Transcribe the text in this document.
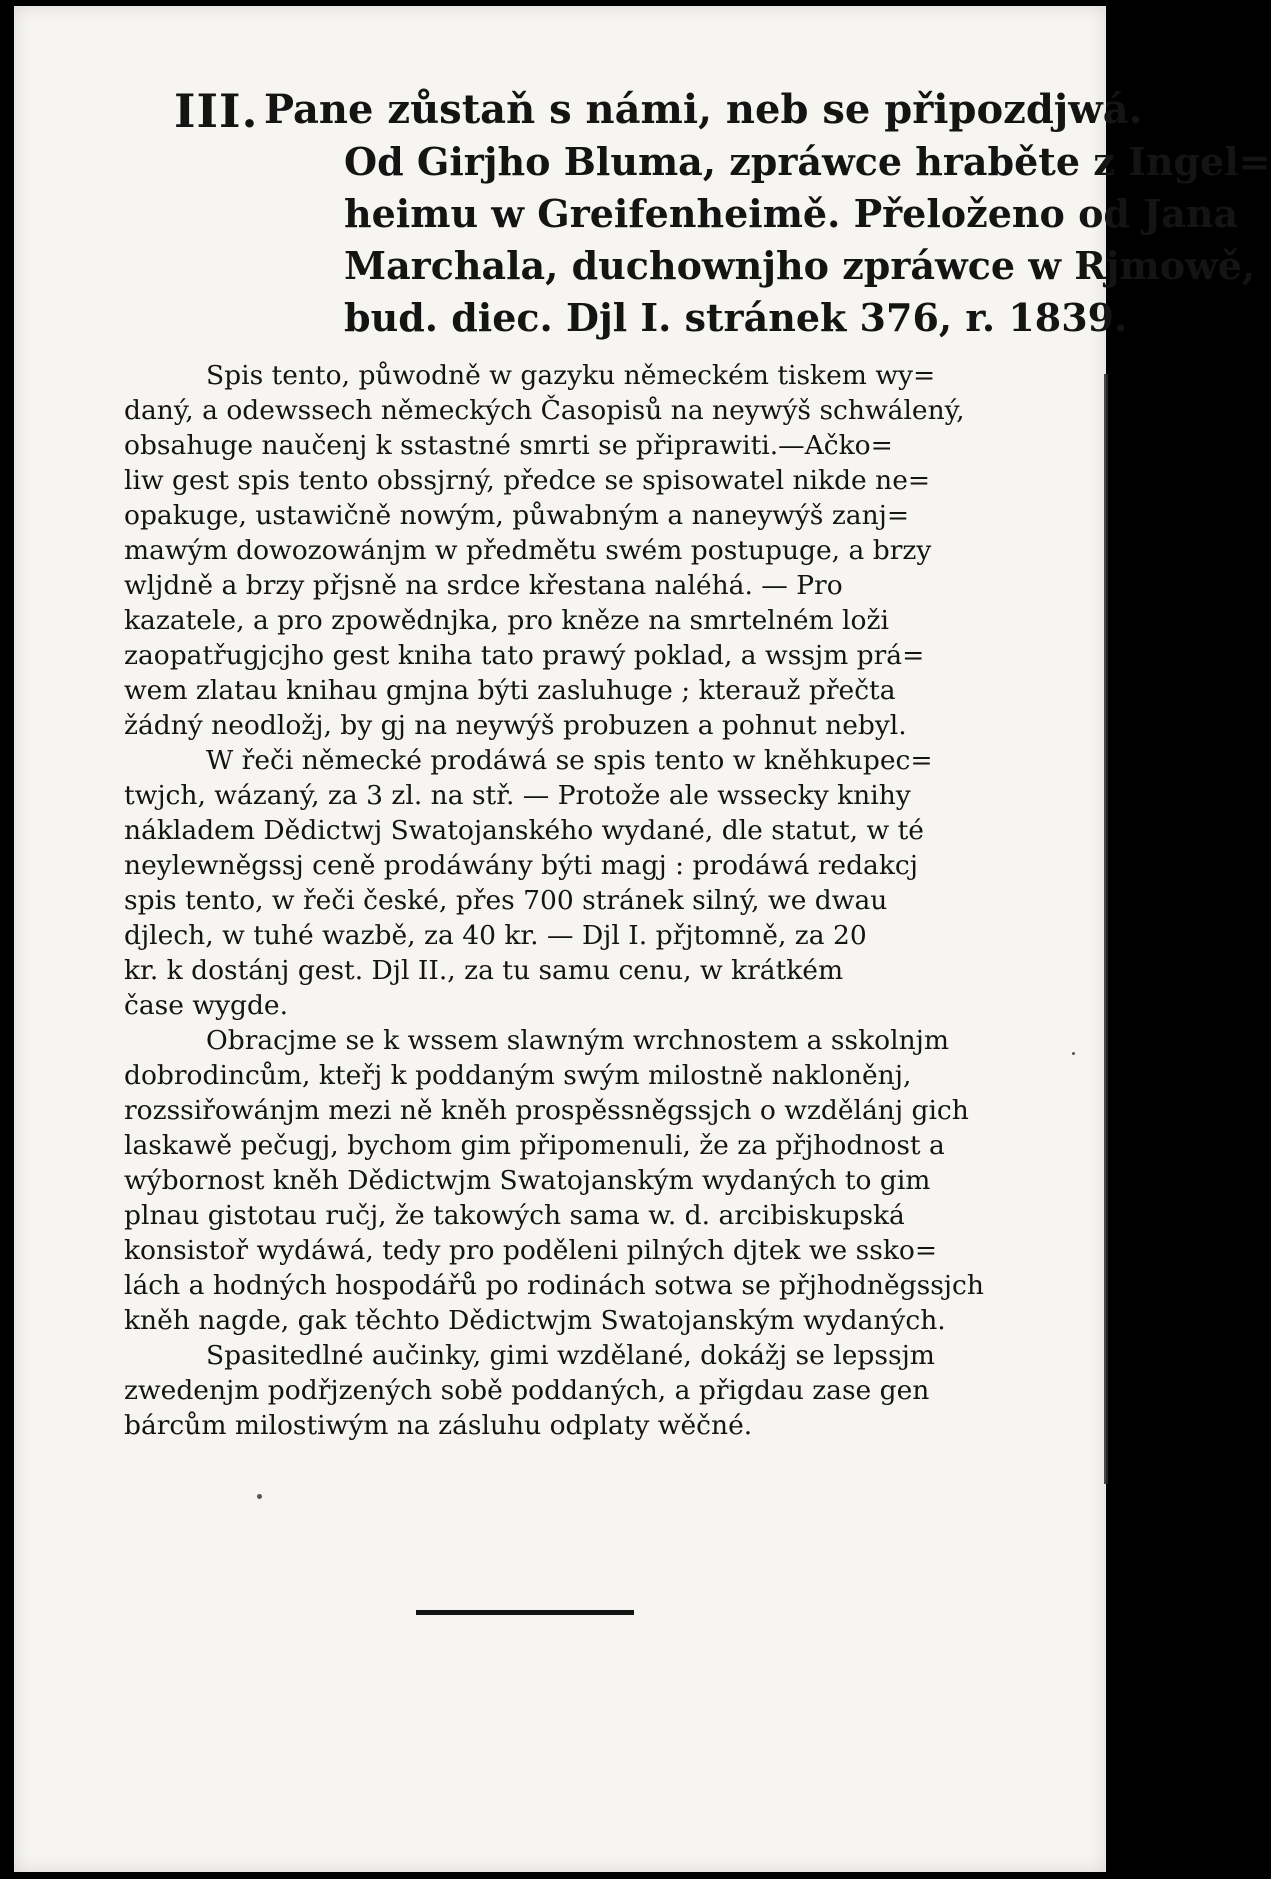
III. Pane zůstaň s námi, neb se připozdjwá.
Od Girjho Bluma, zpráwce hraběte z Ingel=
heimu w Greifenheimě. Přeloženo od Jana
Marchala, duchownjho zpráwce w Rjmowě,
bud. diec. Djl I. stránek 376, r. 1839.
Spis tento, půwodně w gazyku německém tiskem wy=
daný, a odewssech německých Časopisů na neywýš schwálený,
obsahuge naučenj k sstastné smrti se připrawiti.—Ačko=
liw gest spis tento obssjrný, předce se spisowatel nikde ne=
opakuge, ustawičně nowým, půwabným a naneywýš zanj=
mawým dowozowánjm w předmětu swém postupuge, a brzy
wljdně a brzy přjsně na srdce křestana naléhá. — Pro
kazatele, a pro zpowědnjka, pro kněze na smrtelném loži
zaopatřugjcjho gest kniha tato prawý poklad, a wssjm prá=
wem zlatau knihau gmjna býti zasluhuge ; kterauž přečta
žádný neodložj, by gj na neywýš probuzen a pohnut nebyl.
W řeči německé prodáwá se spis tento w kněhkupec=
twjch, wázaný, za 3 zl. na stř. — Protože ale wssecky knihy
nákladem Dědictwj Swatojanského wydané, dle statut, w té
neylewněgssj ceně prodáwány býti magj : prodáwá redakcj
spis tento, w řeči české, přes 700 stránek silný, we dwau
djlech, w tuhé wazbě, za 40 kr. — Djl I. přjtomně, za 20
kr. k dostánj gest. Djl II., za tu samu cenu, w krátkém
čase wygde.
Obracjme se k wssem slawným wrchnostem a sskolnjm
dobrodincům, kteřj k poddaným swým milostně nakloněnj,
rozssiřowánjm mezi ně kněh prospěssněgssjch o wzdělánj gich
laskawě pečugj, bychom gim připomenuli, že za přjhodnost a
wýbornost kněh Dědictwjm Swatojanským wydaných to gim
plnau gistotau ručj, že takowých sama w. d. arcibiskupská
konsistoř wydáwá, tedy pro poděleni pilných djtek we ssko=
lách a hodných hospodářů po rodinách sotwa se přjhodněgssjch
kněh nagde, gak těchto Dědictwjm Swatojanským wydaných.
Spasitedlné aučinky, gimi wzdělané, dokážj se lepssjm
zwedenjm podřjzených sobě poddaných, a přigdau zase gen
bárcům milostiwým na zásluhu odplaty wěčné.
